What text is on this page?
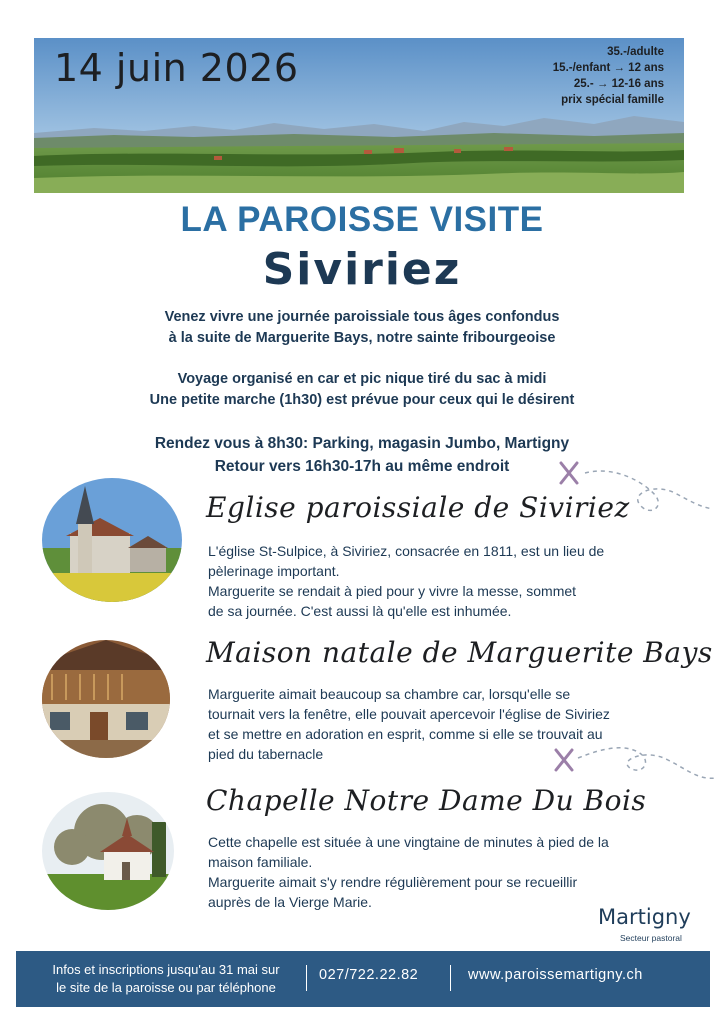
14 juin 2026	35.-/adulte
15.-/enfant → 12 ans
25.- → 12-16 ans
prix spécial famille
LA PAROISSE VISITE
Siviriez
Venez vivre une journée paroissiale tous âges confondus
à la suite de Marguerite Bays, notre sainte fribourgeoise
Voyage organisé en car et pic nique tiré du sac à midi
Une petite marche (1h30) est prévue pour ceux qui le désirent
Rendez vous à 8h30: Parking, magasin Jumbo, Martigny
Retour vers 16h30-17h au même endroit
Eglise paroissiale de Siviriez
L'église St-Sulpice, à Siviriez, consacrée en 1811, est un lieu de
pèlerinage important.
Marguerite se rendait à pied pour y vivre la messe, sommet
de sa journée. C'est aussi là qu'elle est inhumée.
Maison natale de Marguerite Bays
Marguerite aimait beaucoup sa chambre car, lorsqu'elle se
tournait vers la fenêtre, elle pouvait apercevoir l'église de Siviriez
et se mettre en adoration en esprit, comme si elle se trouvait au
pied du tabernacle
Chapelle Notre Dame Du Bois
Cette chapelle est située à une vingtaine de minutes à pied de la
maison familiale.
Marguerite aimait s'y rendre régulièrement pour se recueillir
auprès de la Vierge Marie.
Martigny
Secteur pastoral
Infos et inscriptions jusqu'au 31 mai sur
le site de la paroisse ou par téléphone
027/722.22.82	www.paroissemartigny.ch
